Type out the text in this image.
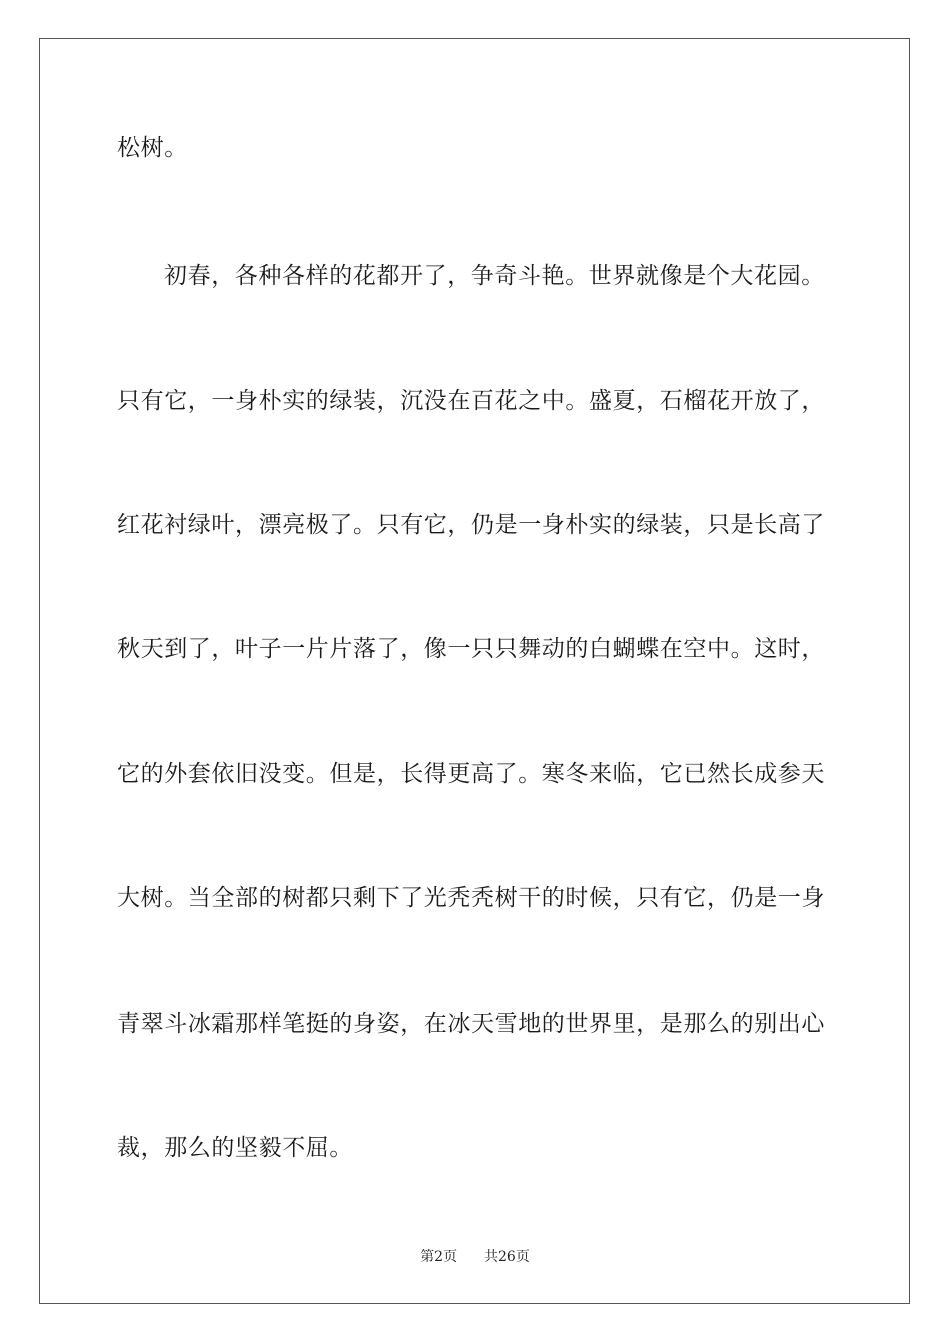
松树。
初春，各种各样的花都开了，争奇斗艳。世界就像是个大花园。
只有它，一身朴实的绿装，沉没在百花之中。盛夏，石榴花开放了，
红花衬绿叶，漂亮极了。只有它，仍是一身朴实的绿装，只是长高了
秋天到了，叶子一片片落了，像一只只舞动的白蝴蝶在空中。这时，
它的外套依旧没变。但是，长得更高了。寒冬来临，它已然长成参天
大树。当全部的树都只剩下了光秃秃树干的时候，只有它，仍是一身
青翠斗冰霜那样笔挺的身姿，在冰天雪地的世界里，是那么的别出心
裁，那么的坚毅不屈。
第2页 共26页
